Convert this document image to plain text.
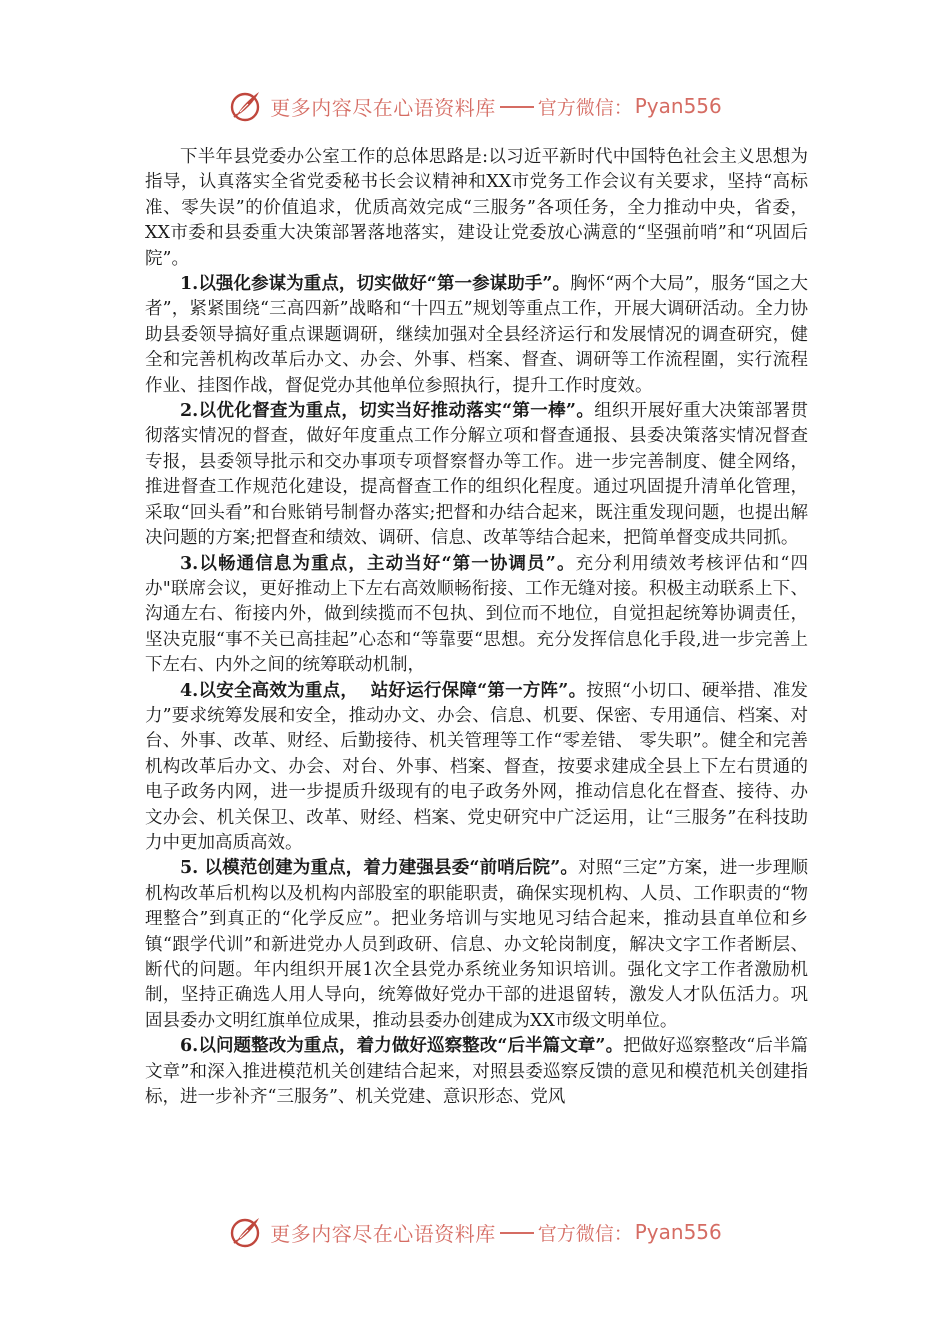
更多内容尽在心语资料库 官方微信： Pyan556

下半年县党委办公室工作的总体思路是:以习近平新时代中国特色社会主义思想为指导，认真落实全省党委秘书长会议精神和XX市党务工作会议有关要求，坚持“高标准、零失误”的价值追求，优质高效完成“三服务”各项任务，全力推动中央，省委，XX市委和县委重大决策部署落地落实，建设让党委放心满意的“坚强前哨”和“巩固后院”。

1.以强化参谋为重点，切实做好“第一参谋助手”。胸怀“两个大局”，服务“国之大者”，紧紧围绕“三高四新”战略和“十四五”规划等重点工作，开展大调研活动。全力协助县委领导搞好重点课题调研，继续加强对全县经济运行和发展情况的调查研究，健全和完善机构改革后办文、办会、外事、档案、督查、调研等工作流程圍，实行流程作业、挂图作战，督促党办其他单位参照执行，提升工作时度效。

2.以优化督查为重点，切实当好推动落实“第一棒”。组织开展好重大决策部署贯彻落实情况的督查，做好年度重点工作分解立项和督查通报、县委决策落实情况督查专报，县委领导批示和交办事项专项督察督办等工作。进一步完善制度、健全网络，推进督查工作规范化建设，提高督查工作的组织化程度。通过巩固提升清单化管理，采取“回头看”和台账销号制督办落实;把督和办结合起来，既注重发现问题，也提出解决问题的方案;把督查和绩效、调研、信息、改革等结合起来，把简单督变成共同抓。

3.以畅通信息为重点，主动当好“第一协调员”。充分利用绩效考核评估和“四办"联席会议，更好推动上下左右高效顺畅衔接、工作无缝对接。积极主动联系上下、沟通左右、衔接内外，做到续揽而不包执、到位而不地位，自觉担起统筹协调责任，坚决克服“事不关已高挂起”心态和“等靠要“思想。充分发挥信息化手段,进一步完善上下左右、内外之间的统筹联动机制，

4.以安全高效为重点，  站好运行保障“第一方阵”。按照“小切口、硬举措、准发力”要求统筹发展和安全，推动办文、办会、信息、机要、保密、专用通信、档案、对台、外事、改革、财经、后勤接待、机关管理等工作“零差错、 零失职”。健全和完善机构改革后办文、办会、对台、外事、档案、督查，按要求建成全县上下左右贯通的电子政务内网，进一步提质升级现有的电子政务外网，推动信息化在督查、接待、办文办会、机关保卫、改革、财经、档案、党史研究中广泛运用，让“三服务”在科技助力中更加高质高效。

5. 以模范创建为重点，着力建强县委“前哨后院”。对照“三定”方案，进一步理顺机构改革后机构以及机构内部股室的职能职责，确保实现机构、人员、工作职责的“物理整合”到真正的“化学反应”。把业务培训与实地见习结合起来，推动县直单位和乡镇“跟学代训”和新进党办人员到政研、信息、办文轮岗制度，解决文字工作者断层、断代的问题。年内组织开展1次全县党办系统业务知识培训。强化文字工作者激励机制，坚持正确选人用人导向，统筹做好党办干部的进退留转，激发人才队伍活力。巩固县委办文明红旗单位成果，推动县委办创建成为XX市级文明单位。

6.以问题整改为重点，着力做好巡察整改“后半篇文章”。把做好巡察整改“后半篇文章”和深入推进模范机关创建结合起来，对照县委巡察反馈的意见和模范机关创建指标，进一步补齐“三服务”、机关党建、意识形态、党风

更多内容尽在心语资料库 官方微信： Pyan556
